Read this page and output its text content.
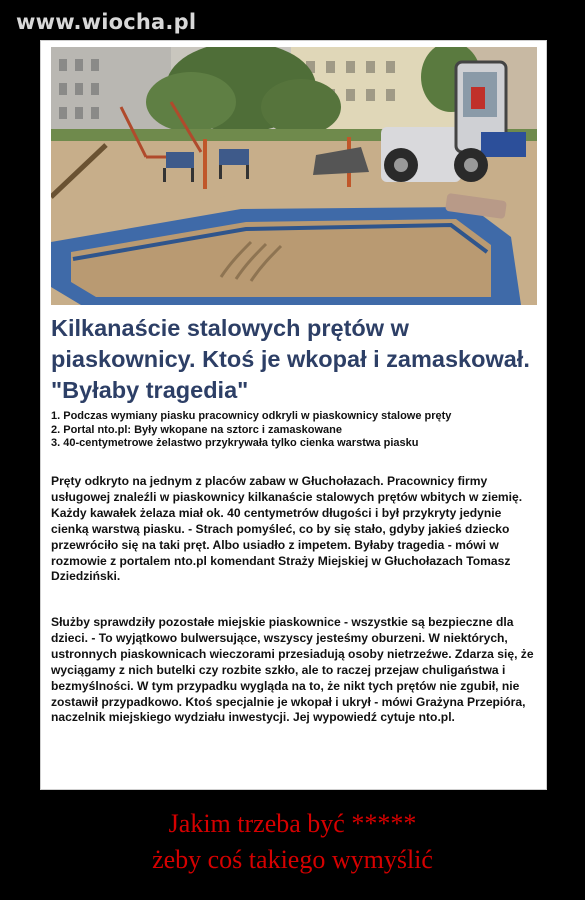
www.wiocha.pl
Kilkanaście stalowych prętów w piaskownicy. Ktoś je wkopał i zamaskował. "Byłaby tragedia"
1. Podczas wymiany piasku pracownicy odkryli w piaskownicy stalowe pręty
2. Portal nto.pl: Były wkopane na sztorc i zamaskowane
3. 40-centymetrowe żelastwo przykrywała tylko cienka warstwa piasku

Pręty odkryto na jednym z placów zabaw w Głuchołazach. Pracownicy firmy usługowej znaleźli w piaskownicy kilkanaście stalowych prętów wbitych w ziemię. Każdy kawałek żelaza miał ok. 40 centymetrów długości i był przykryty jedynie cienką warstwą piasku. - Strach pomyśleć, co by się stało, gdyby jakieś dziecko przewróciło się na taki pręt. Albo usiadło z impetem. Byłaby tragedia - mówi w rozmowie z portalem nto.pl komendant Straży Miejskiej w Głuchołazach Tomasz Dziedziński.

Służby sprawdziły pozostałe miejskie piaskownice - wszystkie są bezpieczne dla dzieci. - To wyjątkowo bulwersujące, wszyscy jesteśmy oburzeni. W niektórych, ustronnych piaskownicach wieczorami przesiadują osoby nietrzeźwe. Zdarza się, że wyciągamy z nich butelki czy rozbite szkło, ale to raczej przejaw chuligaństwa i bezmyślności. W tym przypadku wygląda na to, że nikt tych prętów nie zgubił, nie zostawił przypadkowo. Ktoś specjalnie je wkopał i ukrył - mówi Grażyna Przepióra, naczelnik miejskiego wydziału inwestycji. Jej wypowiedź cytuje nto.pl.

Jakim trzeba być *****

żeby coś takiego wymyślić
